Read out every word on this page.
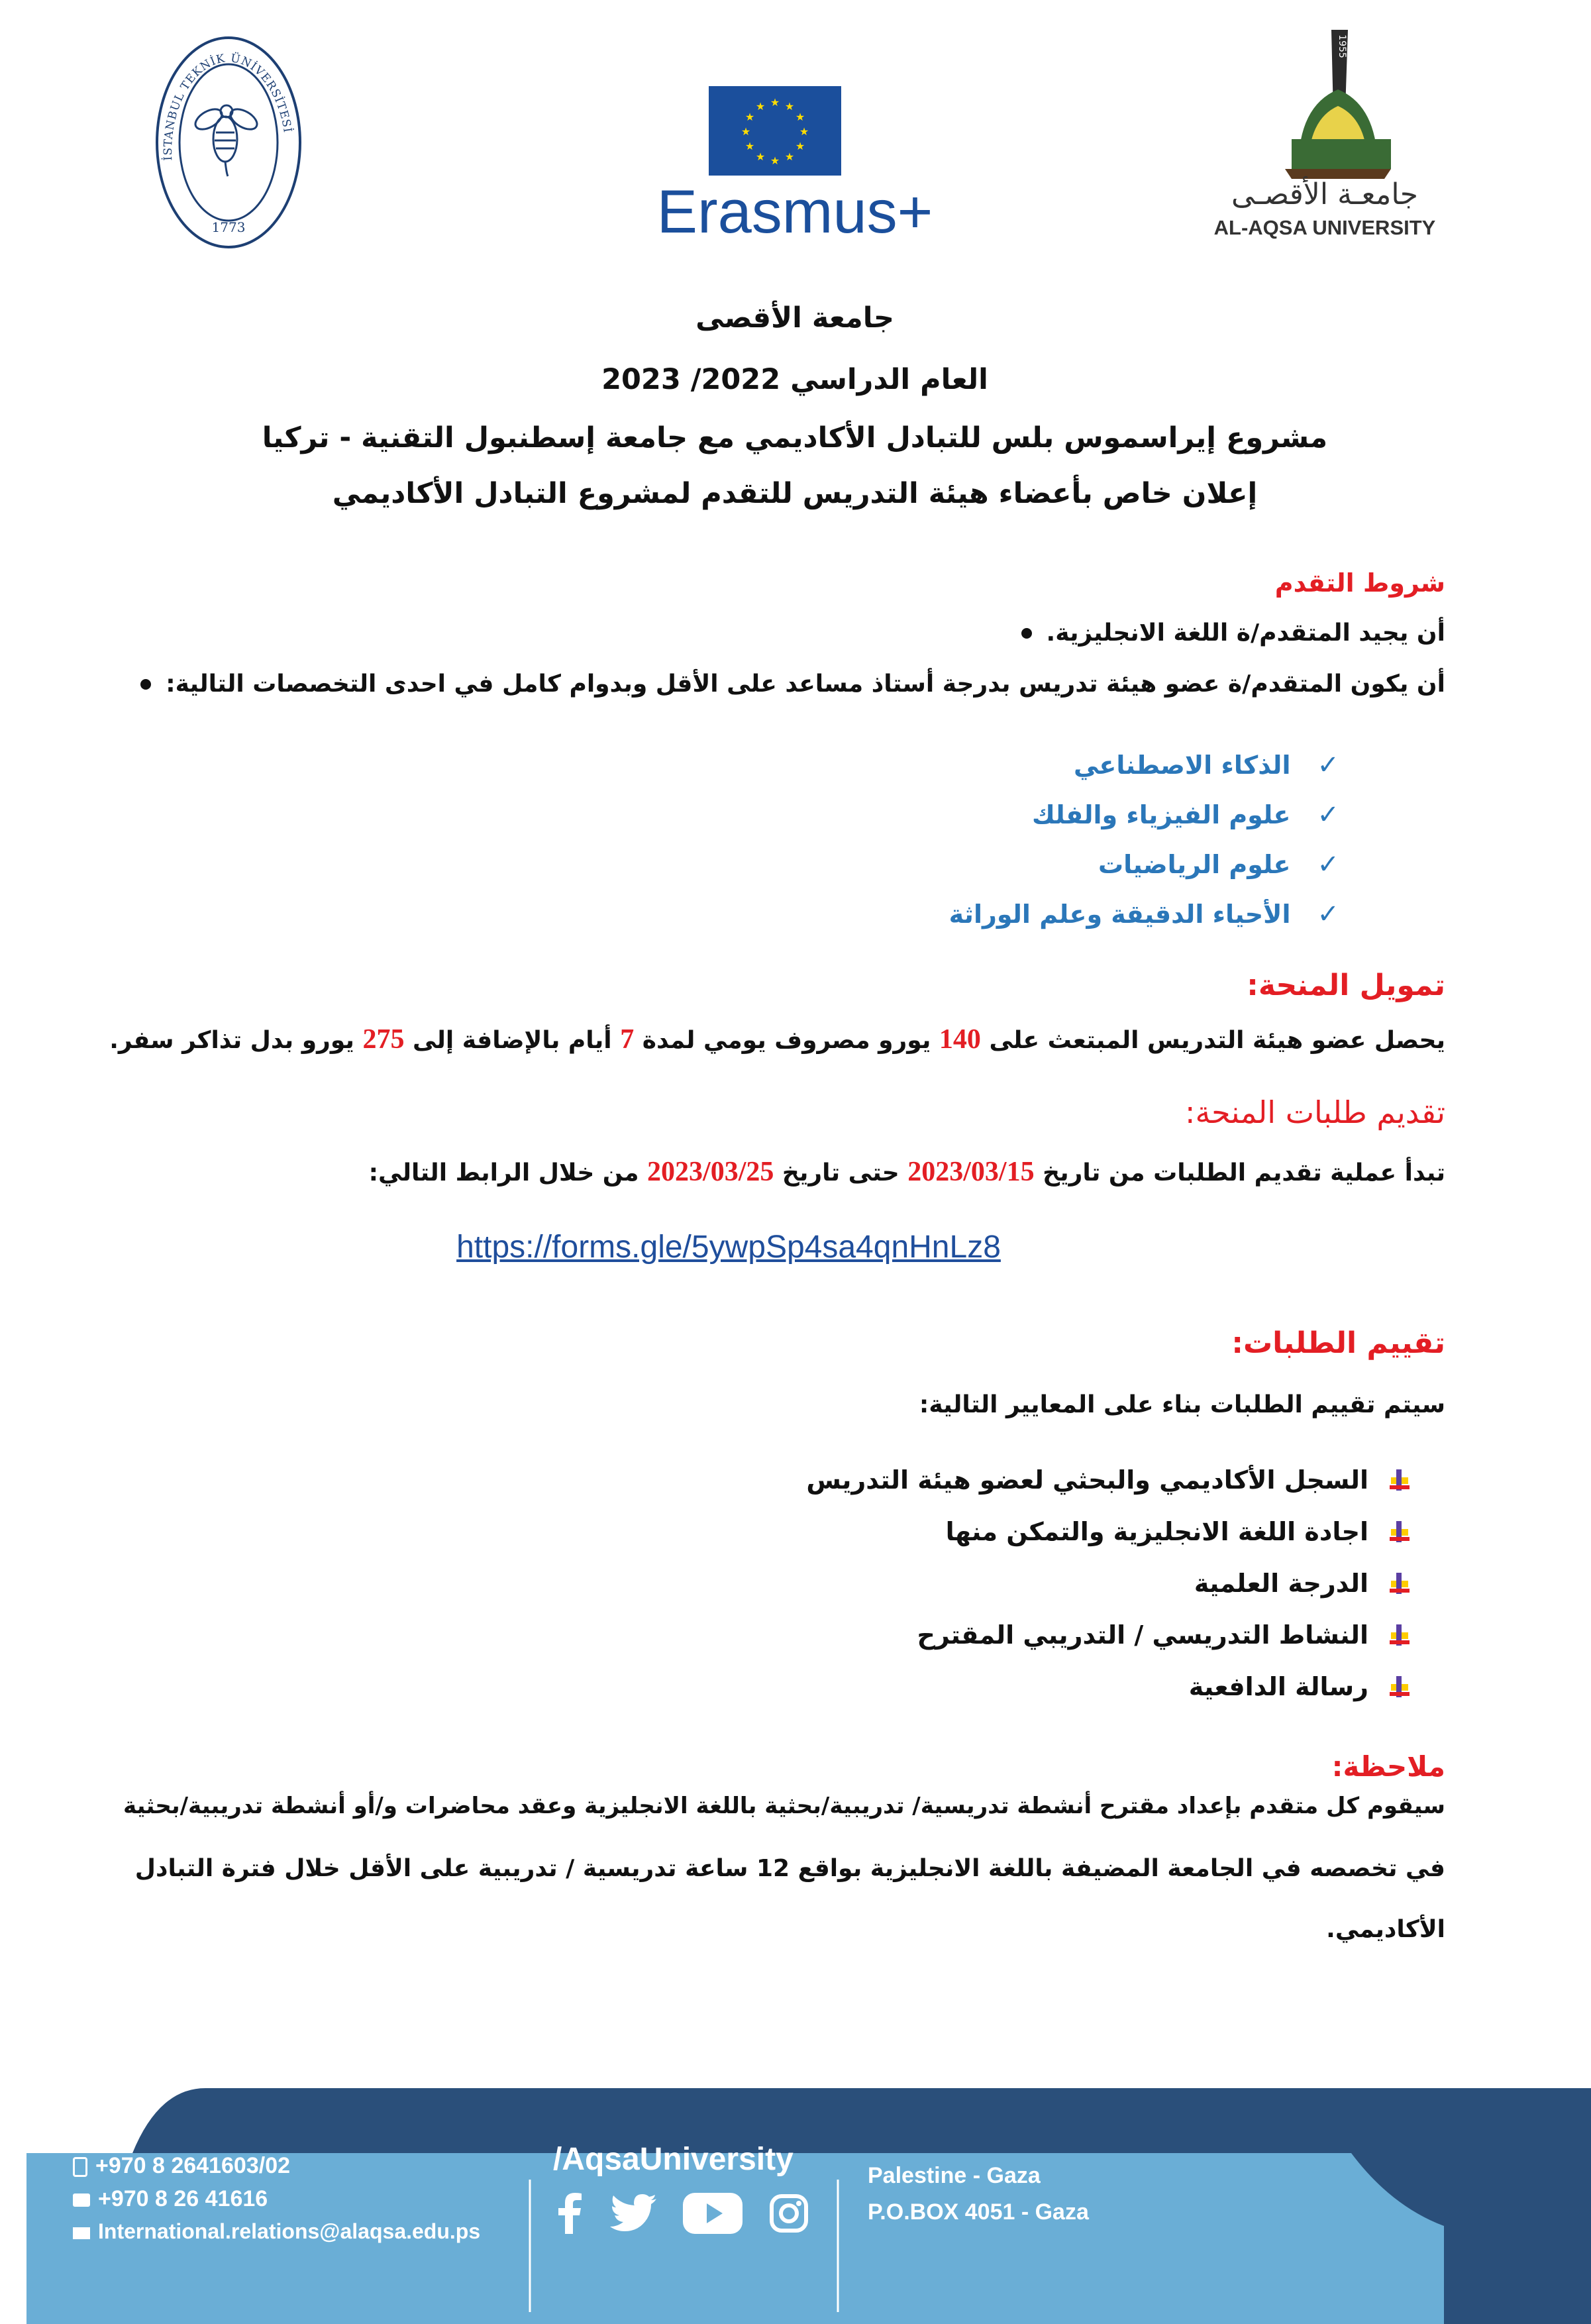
İSTANBUL TEKNİK ÜNİVERSİTESİ
1773
★ ★
★
★
★
★
★
★
★
★
★
★
Erasmus+
1955
جامعـة الأقصـى
AL-AQSA UNIVERSITY
جامعة الأقصى
العام الدراسي 2022/ 2023
مشروع إيراسموس بلس للتبادل الأكاديمي مع جامعة إسطنبول التقنية - تركيا
إعلان خاص بأعضاء هيئة التدريس للتقدم لمشروع التبادل الأكاديمي
شروط التقدم
أن يجيد المتقدم/ة اللغة الانجليزية.
أن يكون المتقدم/ة عضو هيئة تدريس بدرجة أستاذ مساعد على الأقل وبدوام كامل في احدى التخصصات التالية:
✓
الذكاء الاصطناعي
✓
علوم الفيزياء والفلك
✓
علوم الرياضيات
✓
الأحياء الدقيقة وعلم الوراثة
تمويل المنحة:
يحصل عضو هيئة التدريس المبتعث على 140 يورو مصروف يومي لمدة 7 أيام بالإضافة إلى 275 يورو بدل تذاكر سفر.
تقديم طلبات المنحة:
تبدأ عملية تقديم الطلبات من تاريخ 2023/03/15 حتى تاريخ 2023/03/25 من خلال الرابط التالي:
https://forms.gle/5ywpSp4sa4qnHnLz8
تقييم الطلبات:
سيتم تقييم الطلبات بناء على المعايير التالية:
السجل الأكاديمي والبحثي لعضو هيئة التدريس
اجادة اللغة الانجليزية والتمكن منها
الدرجة العلمية
النشاط التدريسي / التدريبي المقترح
رسالة الدافعية
ملاحظة:
سيقوم كل متقدم بإعداد مقترح أنشطة تدريسية/ تدريبية/بحثية باللغة الانجليزية وعقد محاضرات و/أو أنشطة تدريبية/بحثية
في تخصصه في الجامعة المضيفة باللغة الانجليزية بواقع 12 ساعة تدريسية / تدريبية على الأقل خلال فترة التبادل
الأكاديمي.
+970 8 2641603/02
+970 8 26 41616
International.relations@alaqsa.edu.ps
/AqsaUniversity	Palestine - Gaza
P.O.BOX 4051 - Gaza
